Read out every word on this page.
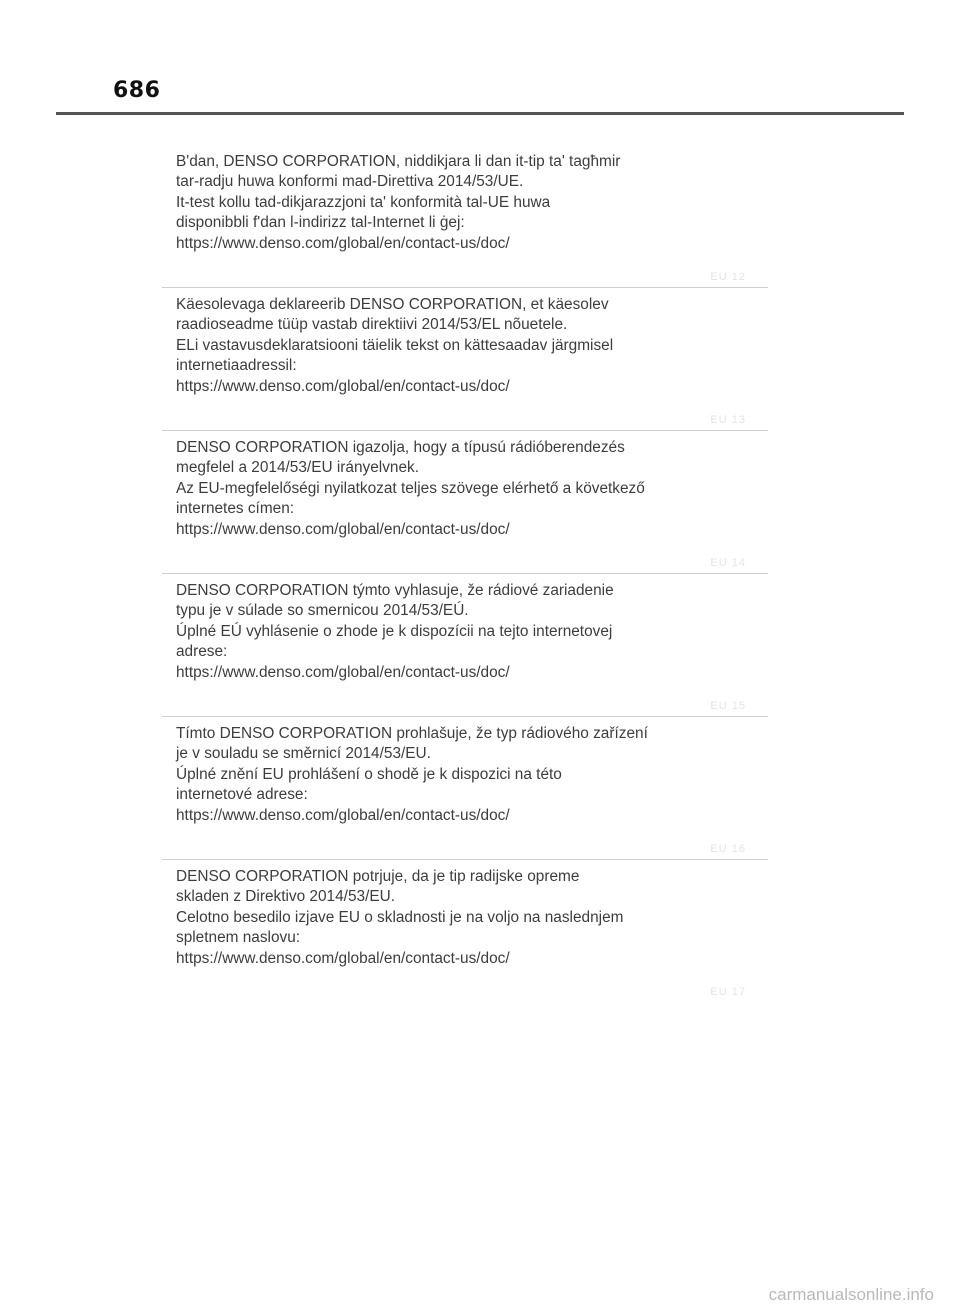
686
B'dan, DENSO CORPORATION, niddikjara li dan it-tip ta' tagħmir
tar-radju huwa konformi mad-Direttiva 2014/53/UE.
It-test kollu tad-dikjarazzjoni ta' konformità tal-UE huwa
disponibbli f'dan l-indirizz tal-Internet li ġej:
https://www.denso.com/global/en/contact-us/doc/
EU 12
Käesolevaga deklareerib DENSO CORPORATION, et käesolev
raadioseadme tüüp vastab direktiivi 2014/53/EL nõuetele.
ELi vastavusdeklaratsiooni täielik tekst on kättesaadav järgmisel
internetiaadressil:
https://www.denso.com/global/en/contact-us/doc/
EU 13
DENSO CORPORATION igazolja, hogy a típusú rádióberendezés
megfelel a 2014/53/EU irányelvnek.
Az EU-megfelelőségi nyilatkozat teljes szövege elérhető a következő
internetes címen:
https://www.denso.com/global/en/contact-us/doc/
EU 14
DENSO CORPORATION týmto vyhlasuje, že rádiové zariadenie
typu je v súlade so smernicou 2014/53/EÚ.
Úplné EÚ vyhlásenie o zhode je k dispozícii na tejto internetovej
adrese:
https://www.denso.com/global/en/contact-us/doc/
EU 15
Tímto DENSO CORPORATION prohlašuje, že typ rádiového zařízení
je v souladu se směrnicí 2014/53/EU.
Úplné znění EU prohlášení o shodě je k dispozici na této
internetové adrese:
https://www.denso.com/global/en/contact-us/doc/
EU 16
DENSO CORPORATION potrjuje, da je tip radijske opreme
skladen z Direktivo 2014/53/EU.
Celotno besedilo izjave EU o skladnosti je na voljo na naslednjem
spletnem naslovu:
https://www.denso.com/global/en/contact-us/doc/
EU 17
carmanualsonline.info
